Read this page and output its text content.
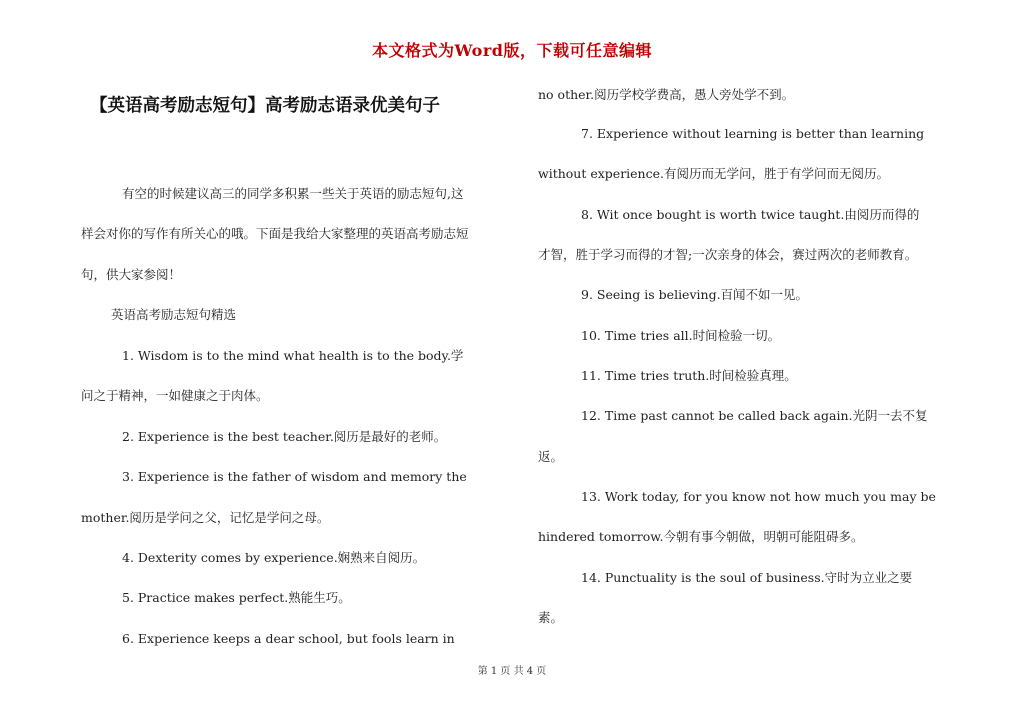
本文格式为Word版，下载可任意编辑
【英语高考励志短句】高考励志语录优美句子
有空的时候建议高三的同学多积累一些关于英语的励志短句,这
样会对你的写作有所关心的哦。下面是我给大家整理的英语高考励志短
句，供大家参阅！
英语高考励志短句精选
1. Wisdom is to the mind what health is to the body.学
问之于精神，一如健康之于肉体。
2. Experience is the best teacher.阅历是最好的老师。
3. Experience is the father of wisdom and memory the
mother.阅历是学问之父，记忆是学问之母。
4. Dexterity comes by experience.娴熟来自阅历。
5. Practice makes perfect.熟能生巧。
6. Experience keeps a dear school, but fools learn in
no other.阅历学校学费高，愚人旁处学不到。
7. Experience without learning is better than learning
without experience.有阅历而无学问，胜于有学问而无阅历。
8. Wit once bought is worth twice taught.由阅历而得的
才智，胜于学习而得的才智;一次亲身的体会，赛过两次的老师教育。
9. Seeing is believing.百闻不如一见。
10. Time tries all.时间检验一切。
11. Time tries truth.时间检验真理。
12. Time past cannot be called back again.光阴一去不复
返。
13. Work today, for you know not how much you may be
hindered tomorrow.今朝有事今朝做，明朝可能阻碍多。
14. Punctuality is the soul of business.守时为立业之要
素。
第 1 页 共 4 页
